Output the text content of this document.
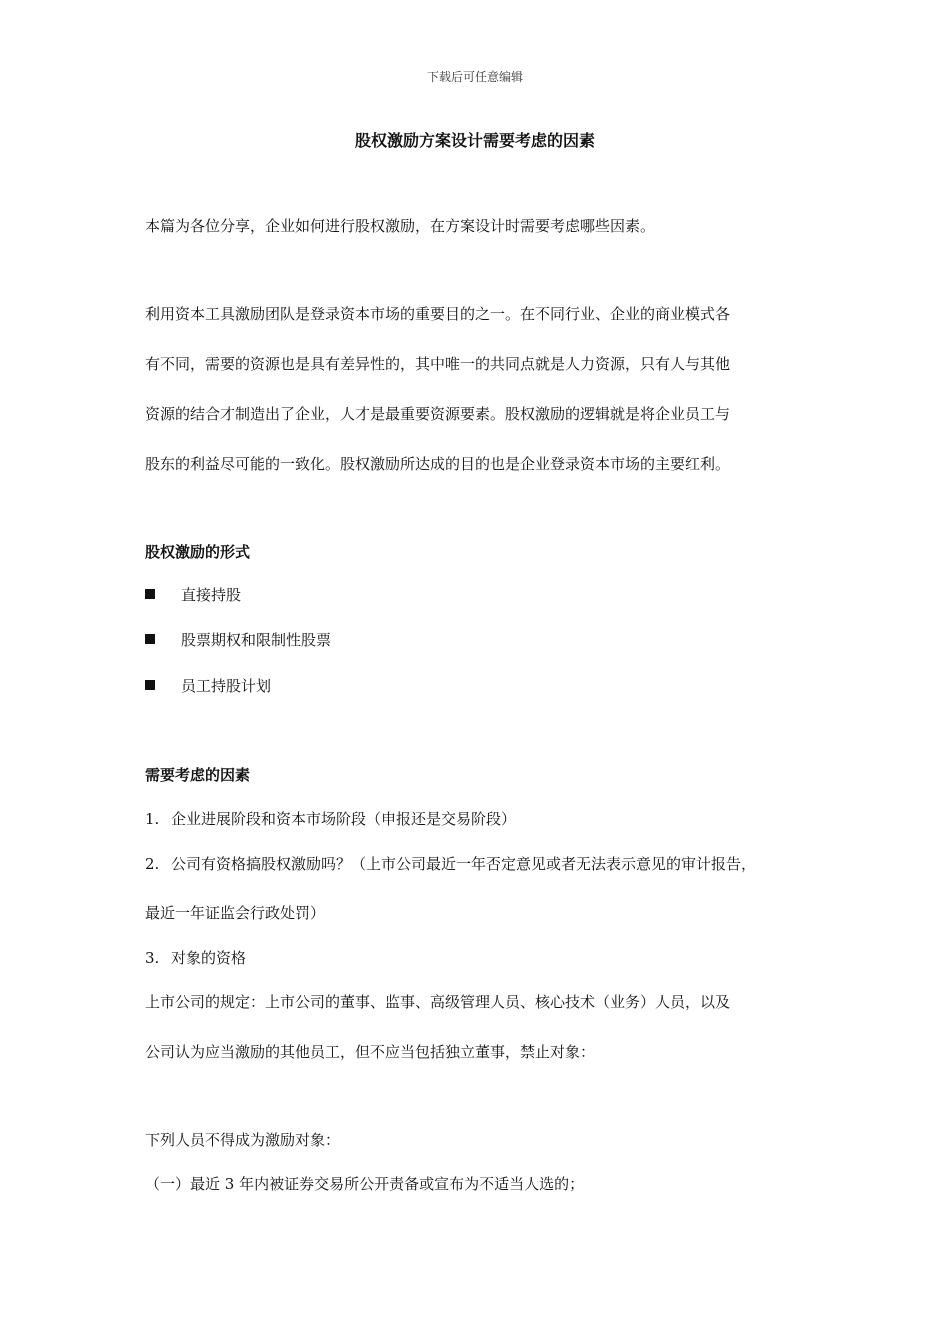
下载后可任意编辑
股权激励方案设计需要考虑的因素
本篇为各位分享，企业如何进行股权激励，在方案设计时需要考虑哪些因素。
利用资本工具激励团队是登录资本市场的重要目的之一。在不同行业、企业的商业模式各
有不同，需要的资源也是具有差异性的，其中唯一的共同点就是人力资源，只有人与其他
资源的结合才制造出了企业，人才是最重要资源要素。股权激励的逻辑就是将企业员工与
股东的利益尽可能的一致化。股权激励所达成的目的也是企业登录资本市场的主要红利。
股权激励的形式
直接持股
股票期权和限制性股票
员工持股计划
需要考虑的因素
1. 企业进展阶段和资本市场阶段（申报还是交易阶段）
2. 公司有资格搞股权激励吗？（上市公司最近一年否定意见或者无法表示意见的审计报告，
最近一年证监会行政处罚）
3. 对象的资格
上市公司的规定：上市公司的董事、监事、高级管理人员、核心技术（业务）人员，以及
公司认为应当激励的其他员工，但不应当包括独立董事，禁止对象：
下列人员不得成为激励对象：
（一）最近 3 年内被证券交易所公开责备或宣布为不适当人选的；
